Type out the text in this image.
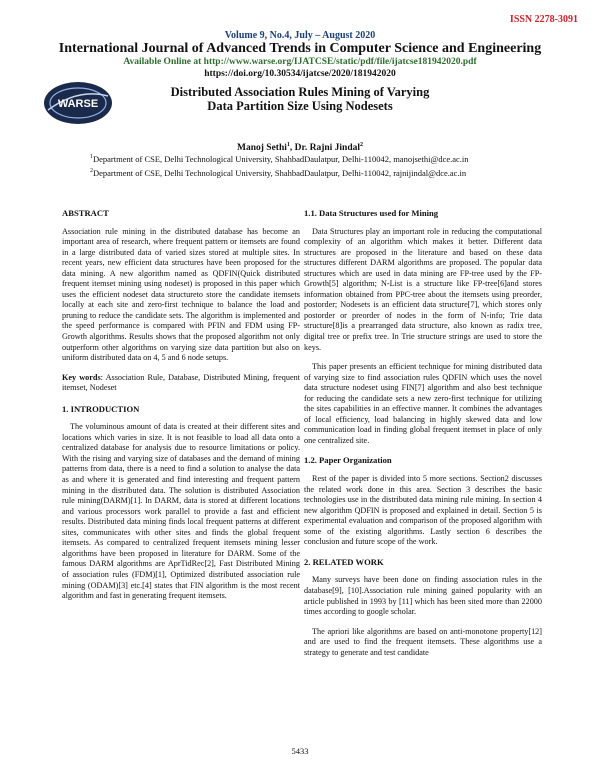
ISSN 2278-3091
Volume 9, No.4, July – August 2020
International Journal of Advanced Trends in Computer Science and Engineering
Available Online at http://www.warse.org/IJATCSE/static/pdf/file/ijatcse181942020.pdf
https://doi.org/10.30534/ijatcse/2020/181942020
WARSE
Distributed Association Rules Mining of Varying
Data Partition Size Using Nodesets
Manoj Sethi$^1$, Dr. Rajni Jindal$^2$
$^1$Department of CSE, Delhi Technological University, ShahbadDaulatpur, Delhi-110042, manojsethi@dce.ac.in
$^2$Department of CSE, Delhi Technological University, ShahbadDaulatpur, Delhi-110042, rajnijindal@dce.ac.in
ABSTRACT

Association rule mining in the distributed database has become an important area of research, where frequent pattern or itemsets are found in a large distributed data of varied sizes stored at multiple sites. In recent years, new efficient data structures have been proposed for the data mining. A new algorithm named as QDFIN(Quick distributed frequent itemset mining using nodeset) is proposed in this paper which uses the efficient nodeset data structureto store the candidate itemsets locally at each site and zero-first technique to balance the load and pruning to reduce the candidate sets. The algorithm is implemented and the speed performance is compared with PFIN and FDM using FP-Growth algorithms. Results shows that the proposed algorithm not only outperform other algorithms on varying size data partition but also on uniform distributed data on 4, 5 and 6 node setups.

Key words: Association Rule, Database, Distributed Mining, frequent itemset, Nodeset

1. INTRODUCTION

The voluminous amount of data is created at their different sites and locations which varies in size. It is not feasible to load all data onto a centralized database for analysis due to resource limitations or policy. With the rising and varying size of databases and the demand of mining patterns from data, there is a need to find a solution to analyse the data as and where it is generated and find interesting and frequent pattern mining in the distributed data. The solution is distributed Association rule mining(DARM)[1]. In DARM, data is stored at different locations and various processors work parallel to provide a fast and efficient results. Distributed data mining finds local frequent patterns at different sites, communicates with other sites and finds the global frequent itemsets. As compared to centralized frequent itemsets mining lesser algorithms have been proposed in literature for DARM. Some of the famous DARM algorithms are AprTidRec[2], Fast Distributed Mining of association rules (FDM)[1], Optimized distributed association rule mining (ODAM)[3] etc.[4] states that FIN algorithm is the most recent algorithm and fast in generating frequent itemsets.

1.1. Data Structures used for Mining

Data Structures play an important role in reducing the computational complexity of an algorithm which makes it better. Different data structures are proposed in the literature and based on these data structures different DARM algorithms are proposed. The popular data structures which are used in data mining are FP-tree used by the FP-Growth[5] algorithm; N-List is a structure like FP-tree[6]and stores information obtained from PPC-tree about the itemsets using preorder, postorder; Nodesets is an efficient data structure[7], which stores only postorder or preorder of nodes in the form of N-info; Trie data structure[8]is a prearranged data structure, also known as radix tree, digital tree or prefix tree. In Trie structure strings are used to store the keys.

This paper presents an efficient technique for mining distributed data of varying size to find association rules QDFIN which uses the novel data structure nodeset using FIN[7] algorithm and also best technique for reducing the candidate sets a new zero-first technique for utilizing the sites capabilities in an effective manner. It combines the advantages of local efficiency, load balancing in highly skewed data and low communication load in finding global frequent itemset in place of only one centralized site.

1.2. Paper Organization

Rest of the paper is divided into 5 more sections. Section2 discusses the related work done in this area. Section 3 describes the basic technologies use in the distributed data mining rule mining. In section 4 new algorithm QDFIN is proposed and explained in detail. Section 5 is experimental evaluation and comparison of the proposed algorithm with some of the existing algorithms. Lastly section 6 describes the conclusion and future scope of the work.

2. RELATED WORK

Many surveys have been done on finding association rules in the database[9], [10].Association rule mining gained popularity with an article published in 1993 by [11] which has been sited more than 22000 times according to google scholar.

The apriori like algorithms are based on anti-monotone property[12] and are used to find the frequent itemsets. These algorithms use a strategy to generate and test candidate

5433
